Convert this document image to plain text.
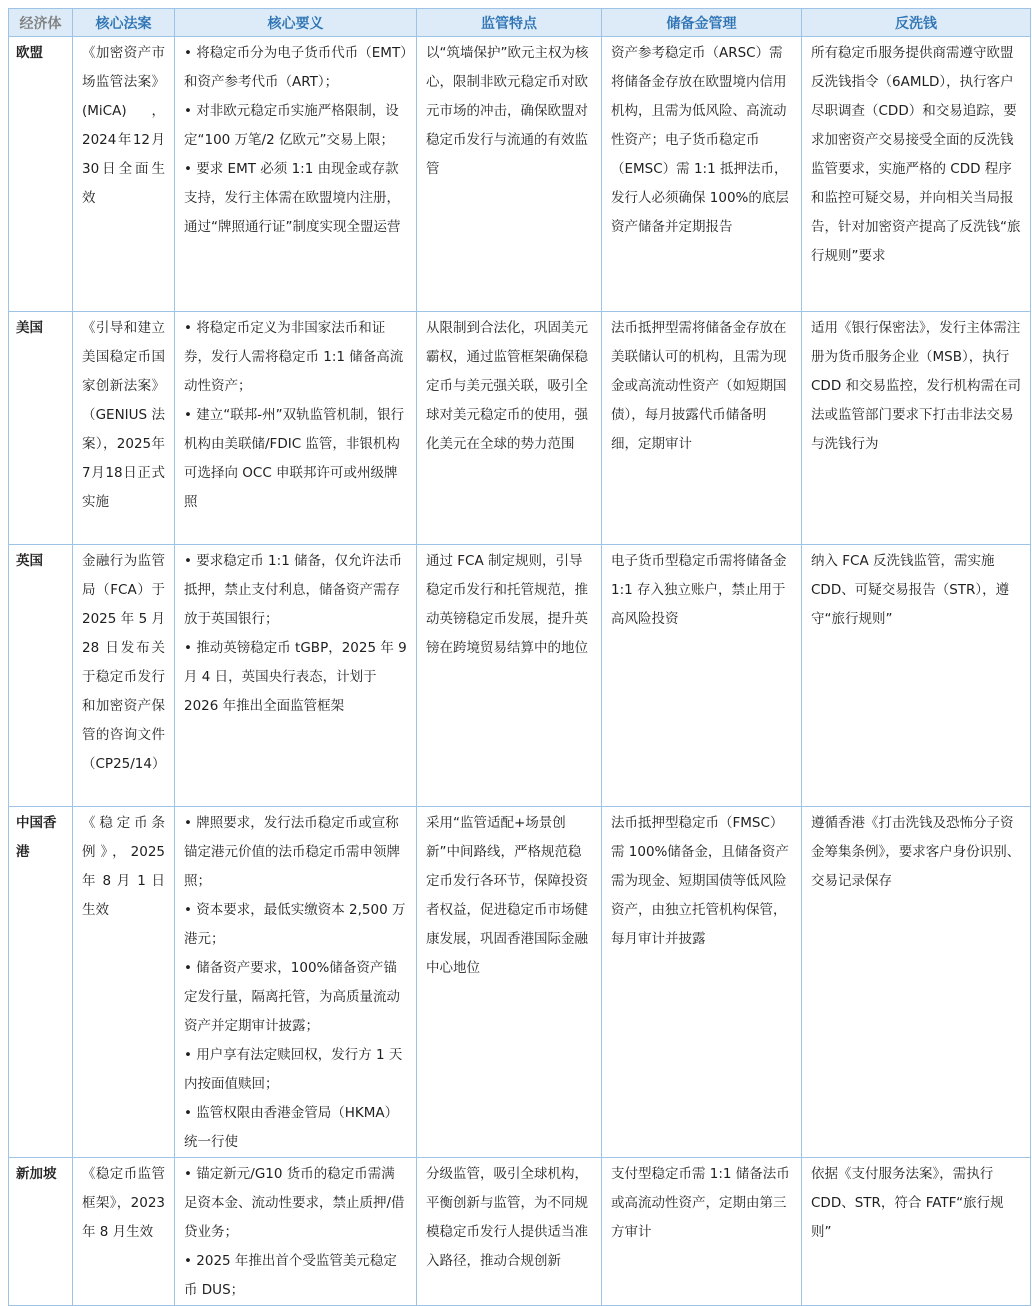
经济体	核心法案	核心要义	监管特点	储备金管理	反洗钱
欧盟	《加密资产市场监管法案》(MiCA)，2024年12月30日全面生效	• 将稳定币分为电子货币代币（EMT）和资产参考代币（ART）；
• 对非欧元稳定币实施严格限制，设定“100 万笔/2 亿欧元”交易上限；
• 要求 EMT 必须 1:1 由现金或存款支持，发行主体需在欧盟境内注册，通过“牌照通行证”制度实现全盟运营	以“筑墙保护”欧元主权为核心，限制非欧元稳定币对欧元市场的冲击，确保欧盟对稳定币发行与流通的有效监管	资产参考稳定币（ARSC）需将储备金存放在欧盟境内信用机构，且需为低风险、高流动性资产；电子货币稳定币（EMSC）需 1:1 抵押法币，发行人必须确保 100%的底层资产储备并定期报告	所有稳定币服务提供商需遵守欧盟反洗钱指令（6AMLD），执行客户尽职调查（CDD）和交易追踪，要求加密资产交易接受全面的反洗钱监管要求，实施严格的 CDD 程序和监控可疑交易，并向相关当局报告，针对加密资产提高了反洗钱“旅行规则”要求
美国	《引导和建立美国稳定币国家创新法案》（GENIUS 法案），2025年7月18日正式实施	• 将稳定币定义为非国家法币和证券，发行人需将稳定币 1:1 储备高流动性资产；
• 建立“联邦-州”双轨监管机制，银行机构由美联储/FDIC 监管，非银机构可选择向 OCC 申联邦许可或州级牌照	从限制到合法化，巩固美元霸权，通过监管框架确保稳定币与美元强关联，吸引全球对美元稳定币的使用，强化美元在全球的势力范围	法币抵押型需将储备金存放在美联储认可的机构，且需为现金或高流动性资产（如短期国债），每月披露代币储备明细，定期审计	适用《银行保密法》，发行主体需注册为货币服务企业（MSB），执行 CDD 和交易监控，发行机构需在司法或监管部门要求下打击非法交易与洗钱行为
英国	金融行为监管局（FCA）于 2025 年 5 月 28 日发布关于稳定币发行和加密资产保管的咨询文件（CP25/14）	• 要求稳定币 1:1 储备，仅允许法币抵押，禁止支付利息，储备资产需存放于英国银行；
• 推动英镑稳定币 tGBP，2025 年 9 月 4 日，英国央行表态，计划于 2026 年推出全面监管框架	通过 FCA 制定规则，引导稳定币发行和托管规范，推动英镑稳定币发展，提升英镑在跨境贸易结算中的地位	电子货币型稳定币需将储备金 1:1 存入独立账户，禁止用于高风险投资	纳入 FCA 反洗钱监管，需实施 CDD、可疑交易报告（STR），遵守“旅行规则”
中国香港	《稳定币条例》，2025 年 8 月 1 日生效	• 牌照要求，发行法币稳定币或宣称锚定港元价值的法币稳定币需申领牌照；
• 资本要求，最低实缴资本 2,500 万港元；
• 储备资产要求，100%储备资产锚定发行量，隔离托管，为高质量流动资产并定期审计披露；
• 用户享有法定赎回权，发行方 1 天内按面值赎回；
• 监管权限由香港金管局（HKMA）统一行使	采用“监管适配+场景创新”中间路线，严格规范稳定币发行各环节，保障投资者权益，促进稳定币市场健康发展，巩固香港国际金融中心地位	法币抵押型稳定币（FMSC）需 100%储备金，且储备资产需为现金、短期国债等低风险资产，由独立托管机构保管，每月审计并披露	遵循香港《打击洗钱及恐怖分子资金筹集条例》，要求客户身份识别、交易记录保存
新加坡	《稳定币监管框架》，2023 年 8 月生效	• 锚定新元/G10 货币的稳定币需满足资本金、流动性要求，禁止质押/借贷业务；
• 2025 年推出首个受监管美元稳定币 DUS；	分级监管，吸引全球机构，平衡创新与监管，为不同规模稳定币发行人提供适当准入路径，推动合规创新	支付型稳定币需 1:1 储备法币或高流动性资产，定期由第三方审计	依据《支付服务法案》，需执行 CDD、STR，符合 FATF“旅行规则”
